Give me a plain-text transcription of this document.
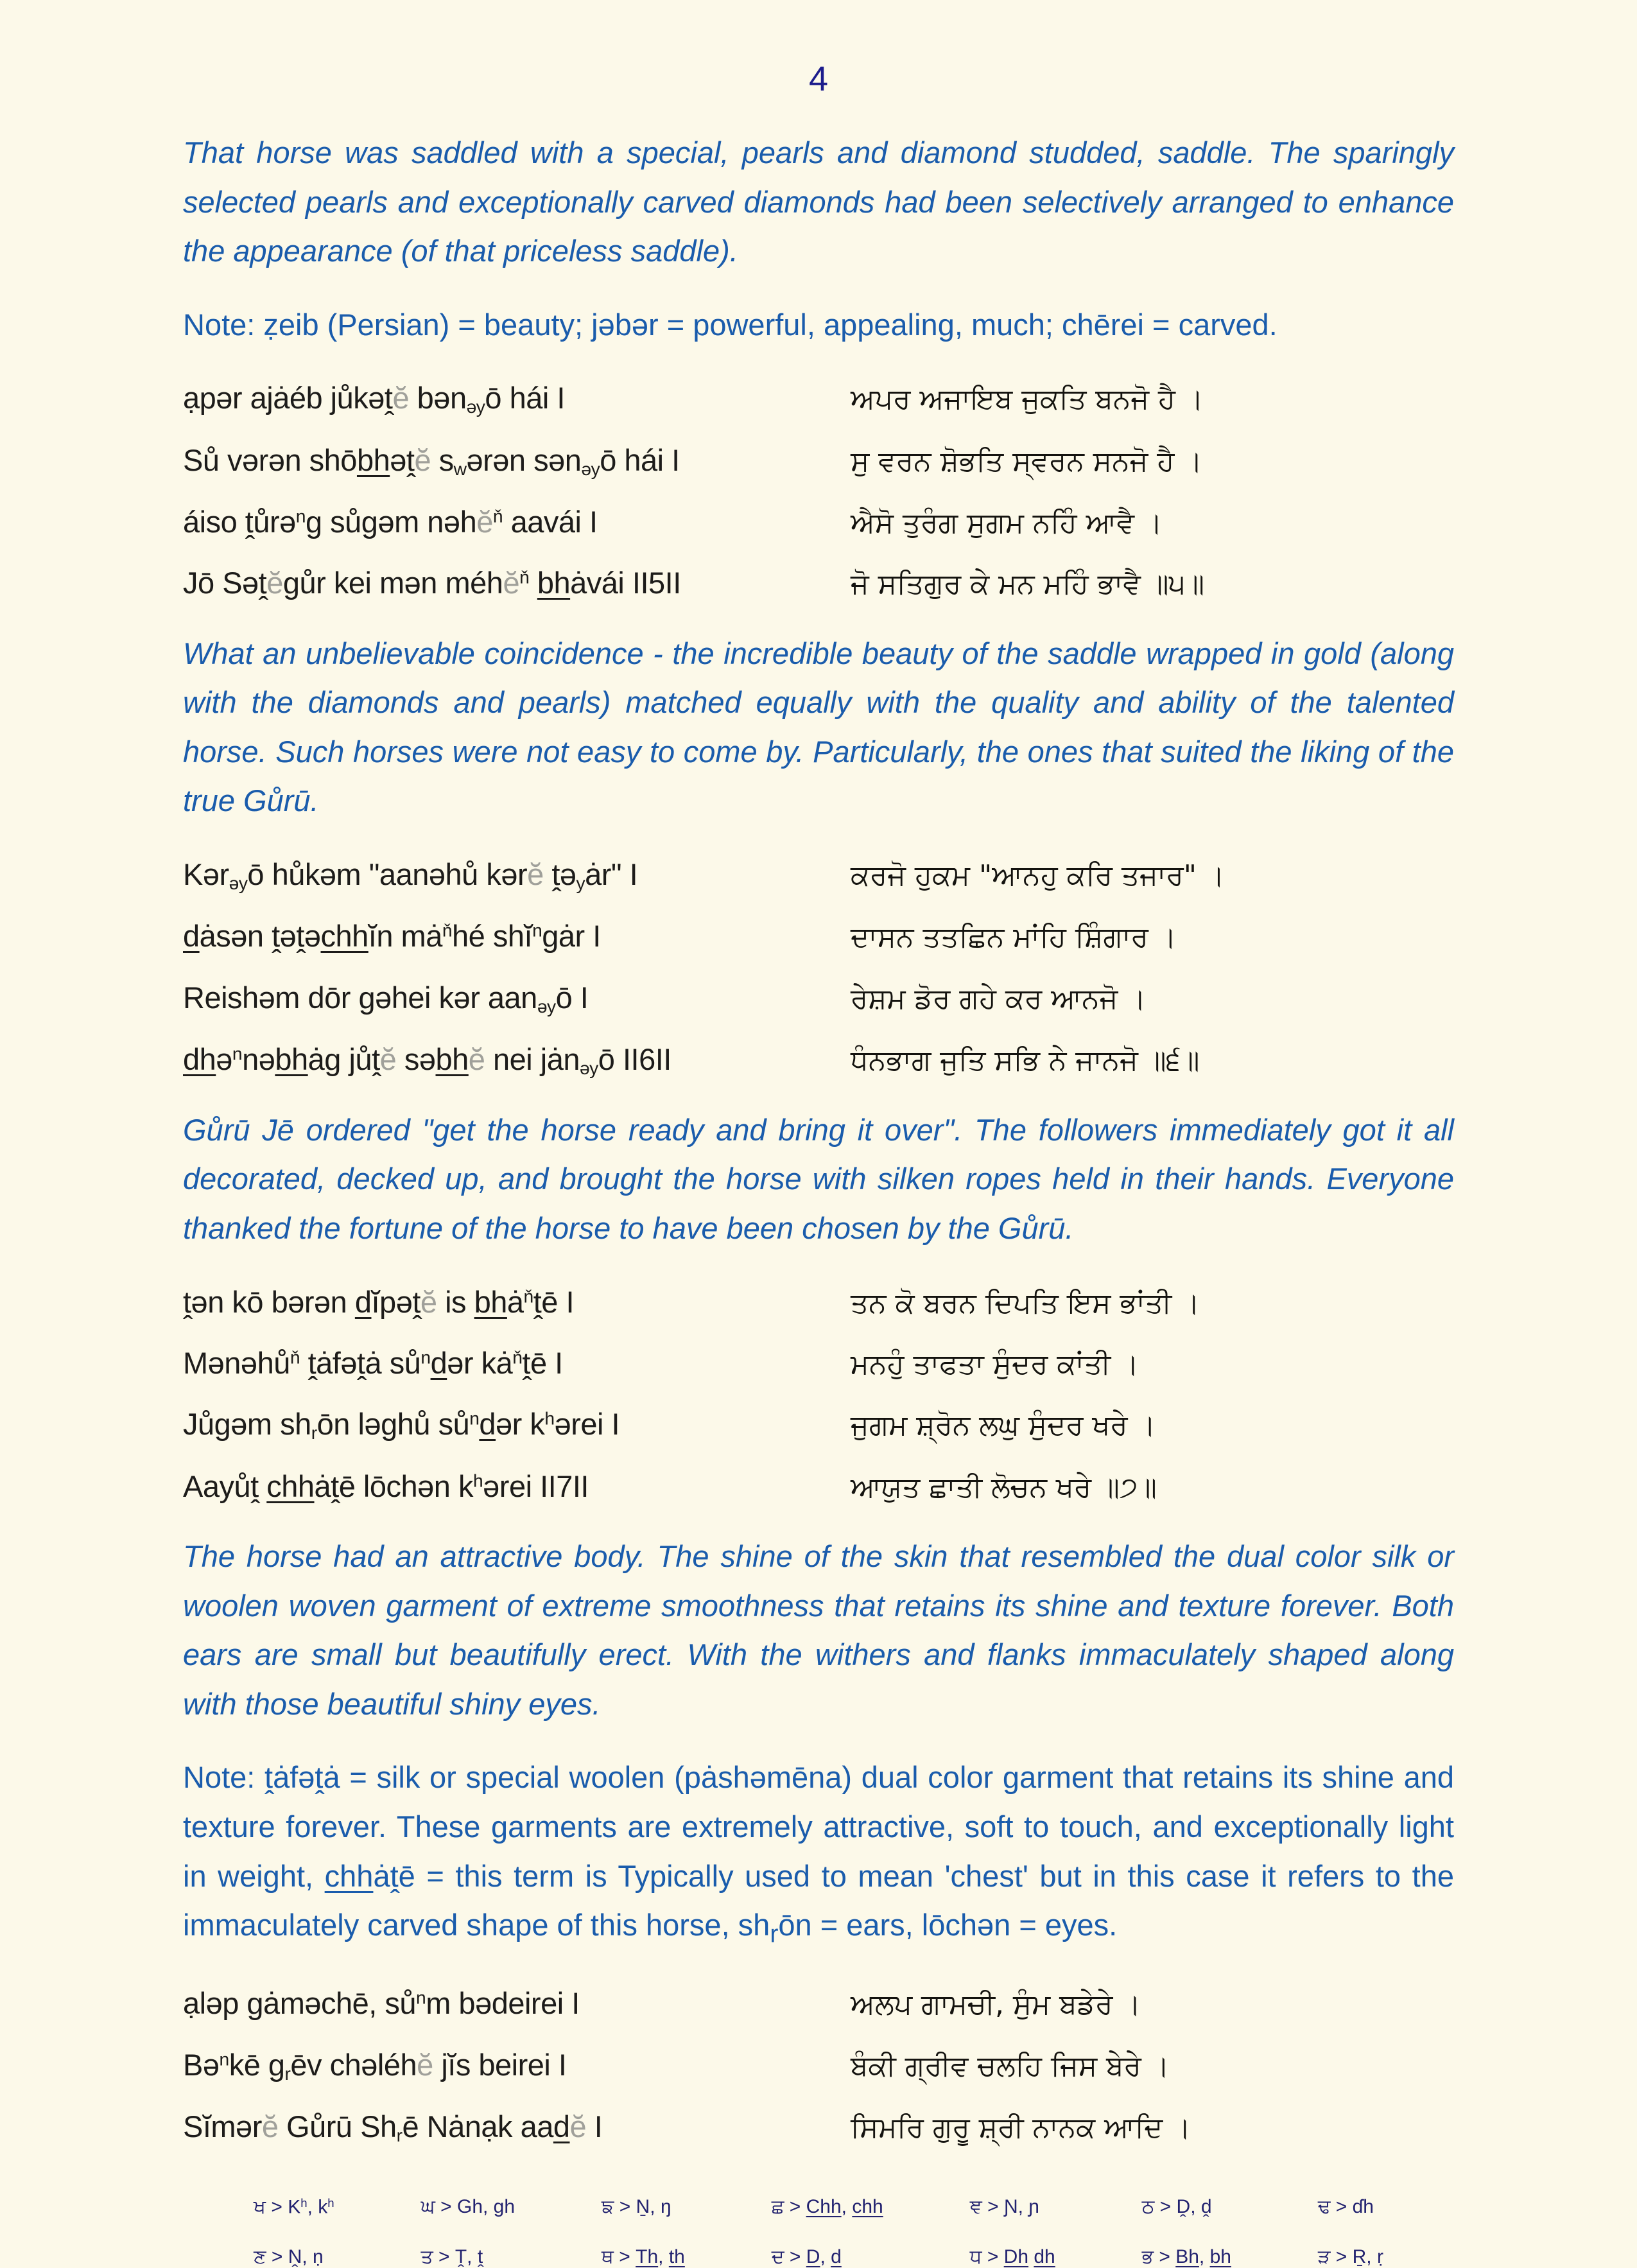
4

That horse was saddled with a special, pearls and diamond studded, saddle. The sparingly selected pearls and exceptionally carved diamonds had been selectively arranged to enhance the appearance (of that priceless saddle).

Note: ẓeib (Persian) = beauty; jəbər = powerful, appealing, much; chērei = carved.

ạpər ajȧéb jůkəṱĕ bən$_{əy}$ō hái I	ਅਪਰ ਅਜਾਇਬ ਜੁਕਤਿ ਬਨਜੋ ਹੈ ।
Sů vərən shōbhəṱĕ $s_wərən$ sən$_{əy}$ō hái I	ਸੁ ਵਰਨ ਸ਼ੋਭਤਿ ਸ੍ਵਰਨ ਸਨਜੋ ਹੈ ।
áiso ṱůrə$^n$g sůgəm nəhĕ$^ň$ aavái I	ਐਸੋ ਤੁਰੰਗ ਸੁਗਮ ਨਹਿੰ ਆਵੈ ।
Jō Səṱĕgůr kei mən méhĕ$^ň$ bhȧvái II5II	ਜੋ ਸਤਿਗੁਰ ਕੇ ਮਨ ਮਹਿੰ ਭਾਵੈ ॥੫॥

What an unbelievable coincidence - the incredible beauty of the saddle wrapped in gold (along with the diamonds and pearls) matched equally with the quality and ability of the talented horse. Such horses were not easy to come by. Particularly, the ones that suited the liking of the true Gůrū.

Kər$_{əy}$ō hůkəm "aanəhů kərĕ ṱə$_y$ȧr" I	ਕਰਜੋ ਹੁਕਮ "ਆਨਹੁ ਕਰਿ ਤਜਾਰ" ।
dȧsən ṱəṱəchhĭn $mȧ^ňhé$ shĭ$^n$gȧr I	ਦਾਸਨ ਤਤਛਿਨ ਮਾਂਹਿ ਸ਼ਿੰਗਾਰ ।
Reishəm dōr gəhei kər aan$_{əy}$ō I	ਰੇਸ਼ਮ ਡੋਰ ਗਹੇ ਕਰ ਆਨਜੋ ।
dhə$^n$nəbhȧg jůṱĕ səbhĕ nei jȧn$_{əy}$ō II6II	ਧੰਨਭਾਗ ਜੁਤਿ ਸਭਿ ਨੇ ਜਾਨਜੋ ॥੬॥

Gůrū Jē ordered "get the horse ready and bring it over". The followers immediately got it all decorated, decked up, and brought the horse with silken ropes held in their hands. Everyone thanked the fortune of the horse to have been chosen by the Gůrū.

ṱən kō bərən dĭpəṱĕ is bhȧ$^ň$ṱē I	ਤਨ ਕੋ ਬਰਨ ਦਿਪਤਿ ਇਸ ਭਾਂਤੀ ।
Mənəhů$^ň$ ṱȧfəṱȧ $sů^ndər$ $kȧ^ňṱē$ I	ਮਨਹੁੰ ਤਾਫਤਾ ਸੁੰਦਰ ਕਾਂਤੀ ।
Jůgəm $sh_rōn$ ləghů $sů^ndər$ $k^hərei$ I	ਜੁਗਮ ਸ਼੍ਰੋਨ ਲਘੁ ਸੁੰਦਰ ਖਰੇ ।
Aayůṱ chhȧṱē lōchən $k^hərei$ II7II	ਆਯੁਤ ਛਾਤੀ ਲੋਚਨ ਖਰੇ ॥੭॥

The horse had an attractive body. The shine of the skin that resembled the dual color silk or woolen woven garment of extreme smoothness that retains its shine and texture forever. Both ears are small but beautifully erect. With the withers and flanks immaculately shaped along with those beautiful shiny eyes.

Note: ṱȧfəṱȧ = silk or special woolen (pȧshəmēna) dual color garment that retains its shine and texture forever. These garments are extremely attractive, soft to touch, and exceptionally light in weight, chhȧṱē = this term is Typically used to mean 'chest' but in this case it refers to the immaculately carved shape of this horse, $sh_rōn$ = ears, lōchən = eyes.

ạləp gȧməchē, $sů^nm$ bədeirei I	ਅਲਪ ਗਾਮਚੀ, ਸੁੰਮ ਬਡੇਰੇ ।
Bə$^n$kē $g_rēv$ chəléhĕ jĭs beirei I	ਬੰਕੀ ਗ੍ਰੀਵ ਚਲਹਿ ਜਿਸ ਬੇਰੇ ।
Sĭmərĕ Gůrū $Sh_rē$ Nȧnạk aadĕ I	ਸਿਮਰਿ ਗੁਰੂ ਸ਼੍ਰੀ ਨਾਨਕ ਆਦਿ ।
ਖ > $K^h$, $k^h$	ਘ > Gh, gh	ਙ > Ṉ, ŋ	ਛ > Chh, chh	ਞ > Ɲ, ɲ	ਠ > Ḓ, ḓ	ਢ > ɗh
ਣ > Ṋ, ṇ	ਤ > Ṱ, ṱ	ਥ > Th, th	ਦ > D, d	ਧ > Dh dh	ਭ > Bh, bh	ੜ > Ṟ, ṛ
